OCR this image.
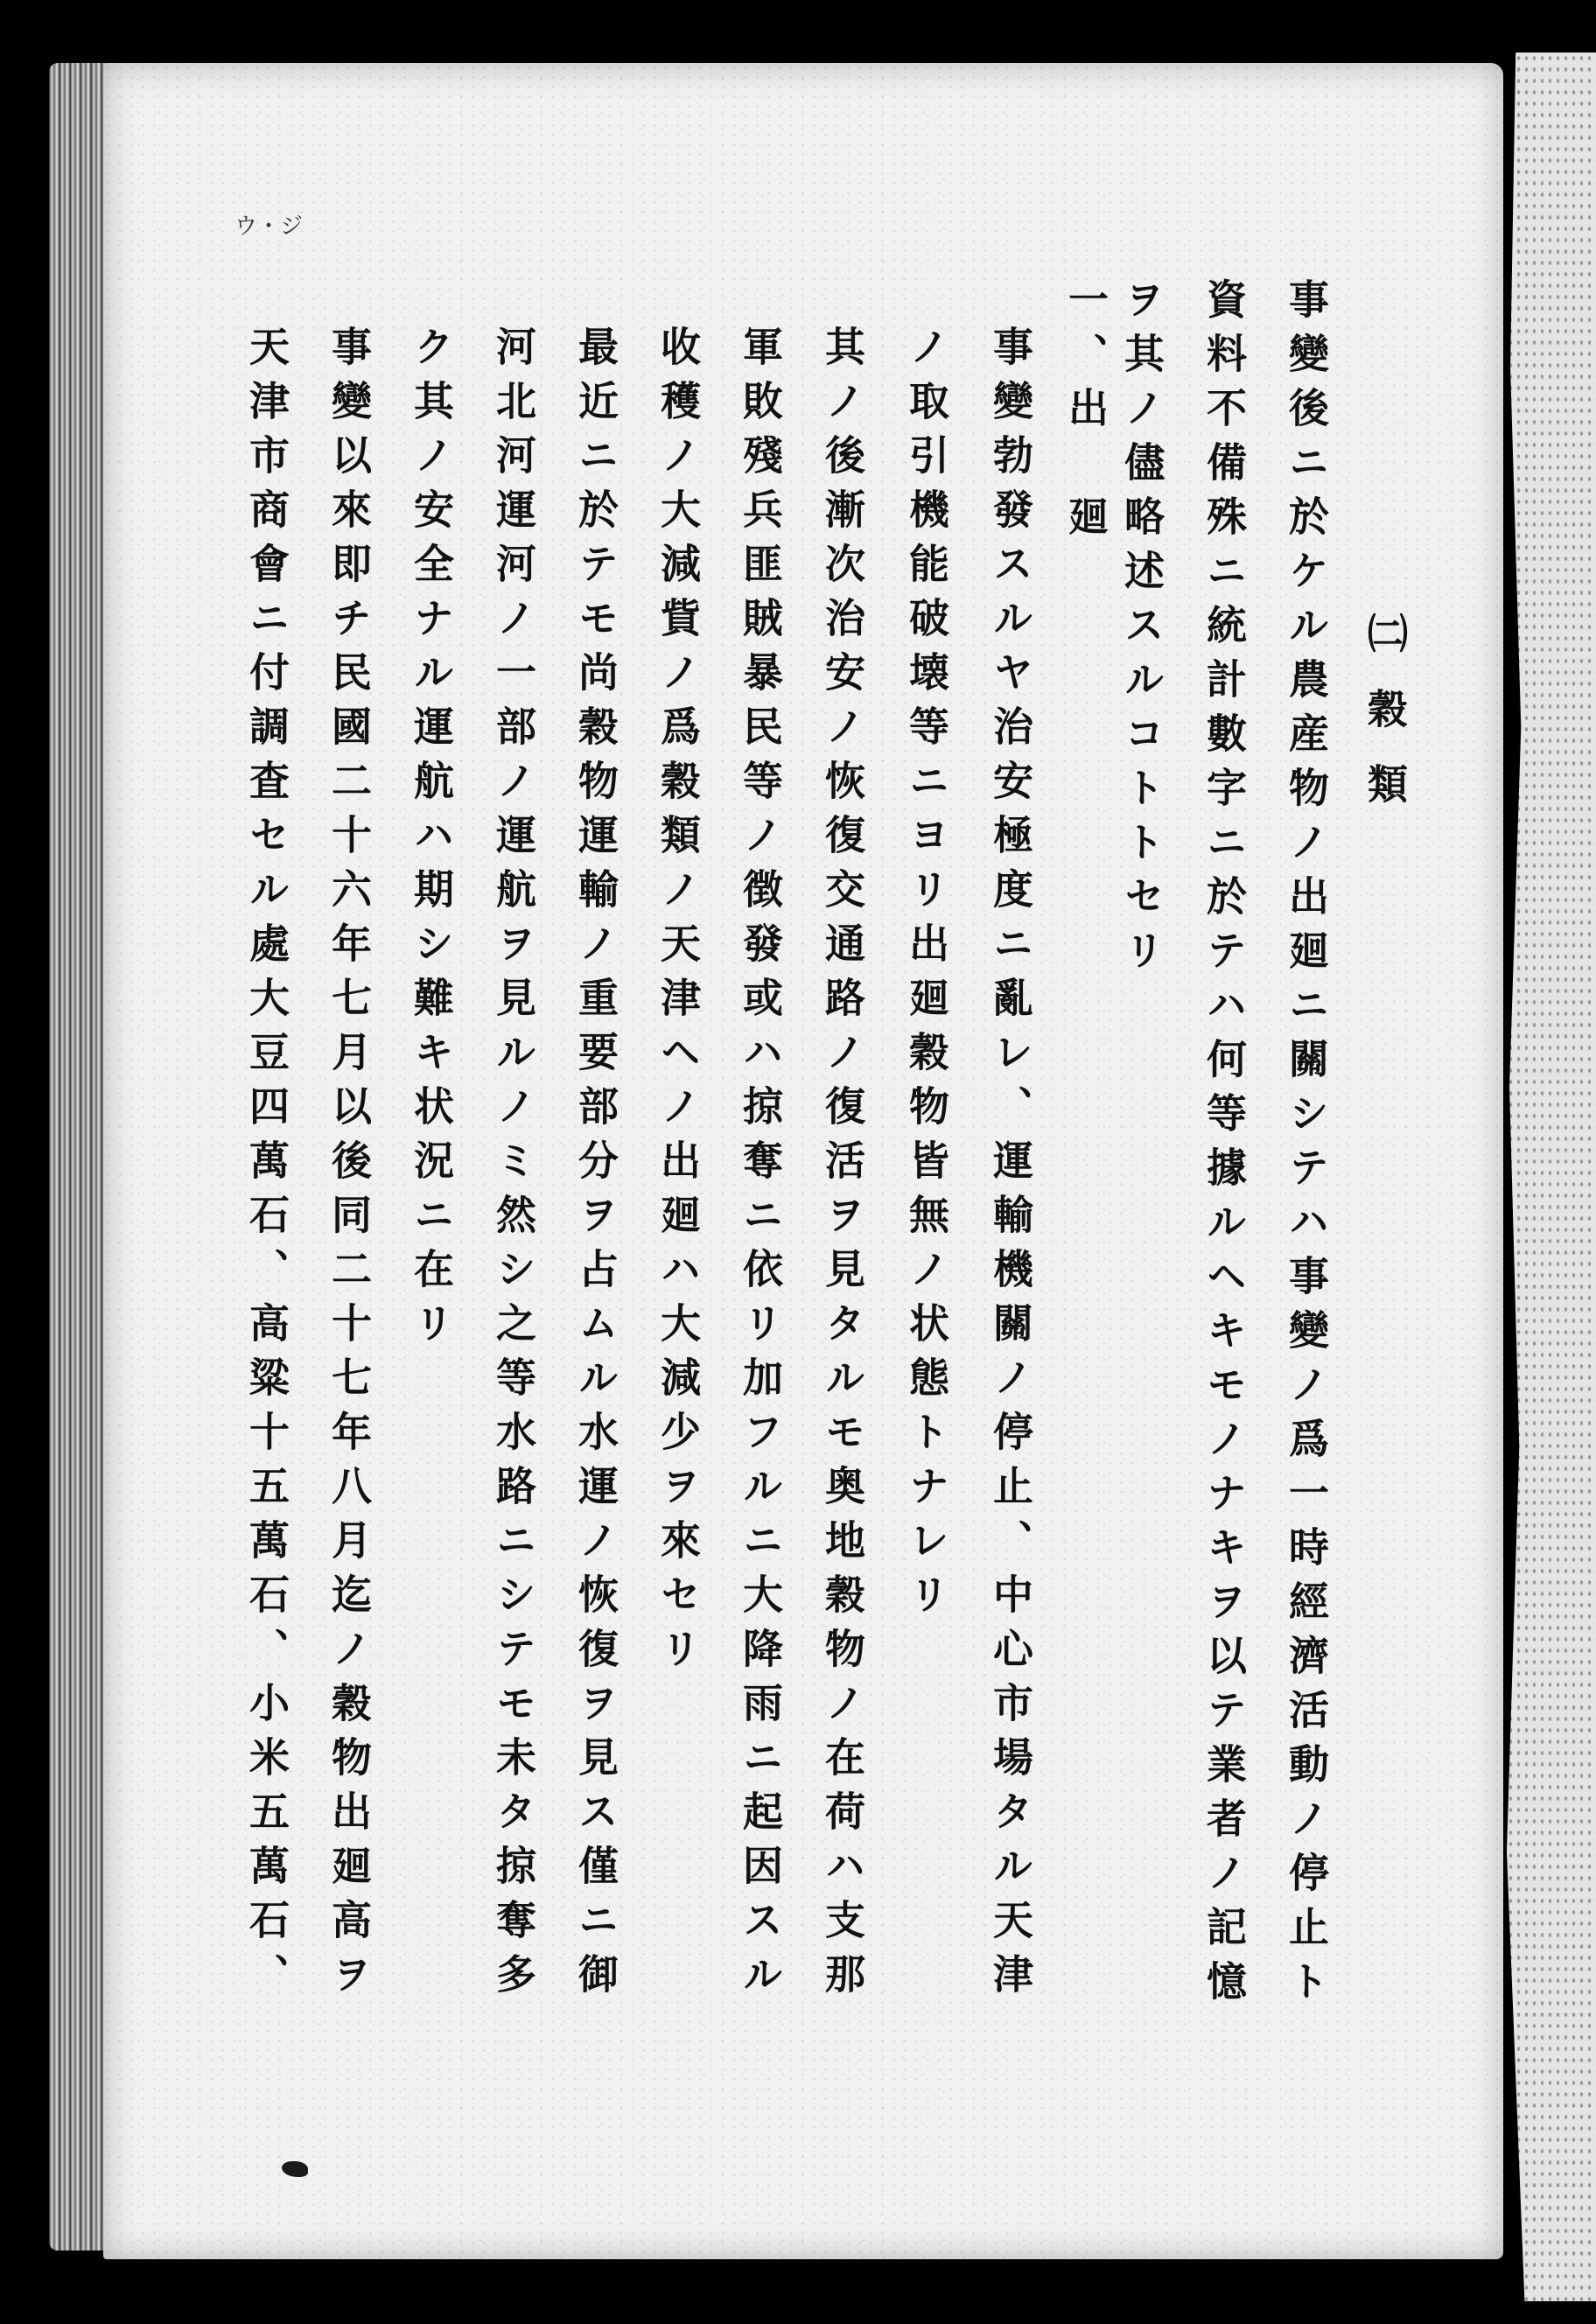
ウ・ジ
㈡穀類
事變後ニ於ケル農産物ノ出廻ニ關シテハ事變ノ爲一時經濟活動ノ停止ト
資料不備殊ニ統計數字ニ於テハ何等據ルヘキモノナキヲ以テ業者ノ記憶
ヲ其ノ儘略述スルコトトセリ
一、出　廻
事變勃發スルヤ治安極度ニ亂レ、運輸機關ノ停止、中心市場タル天津
ノ取引機能破壊等ニヨリ出廻穀物皆無ノ状態トナレリ
其ノ後漸次治安ノ恢復交通路ノ復活ヲ見タルモ奥地穀物ノ在荷ハ支那
軍敗殘兵匪賊暴民等ノ徴發或ハ掠奪ニ依リ加フルニ大降雨ニ起因スル
收穫ノ大減貲ノ爲穀類ノ天津ヘノ出廻ハ大減少ヲ來セリ
最近ニ於テモ尚穀物運輸ノ重要部分ヲ占ムル水運ノ恢復ヲ見ス僅ニ御
河北河運河ノ一部ノ運航ヲ見ルノミ然シ之等水路ニシテモ未タ掠奪多
ク其ノ安全ナル運航ハ期シ難キ状況ニ在リ
事變以來即チ民國二十六年七月以後同二十七年八月迄ノ穀物出廻高ヲ
天津市商會ニ付調査セル處大豆四萬石、高粱十五萬石、小米五萬石、
